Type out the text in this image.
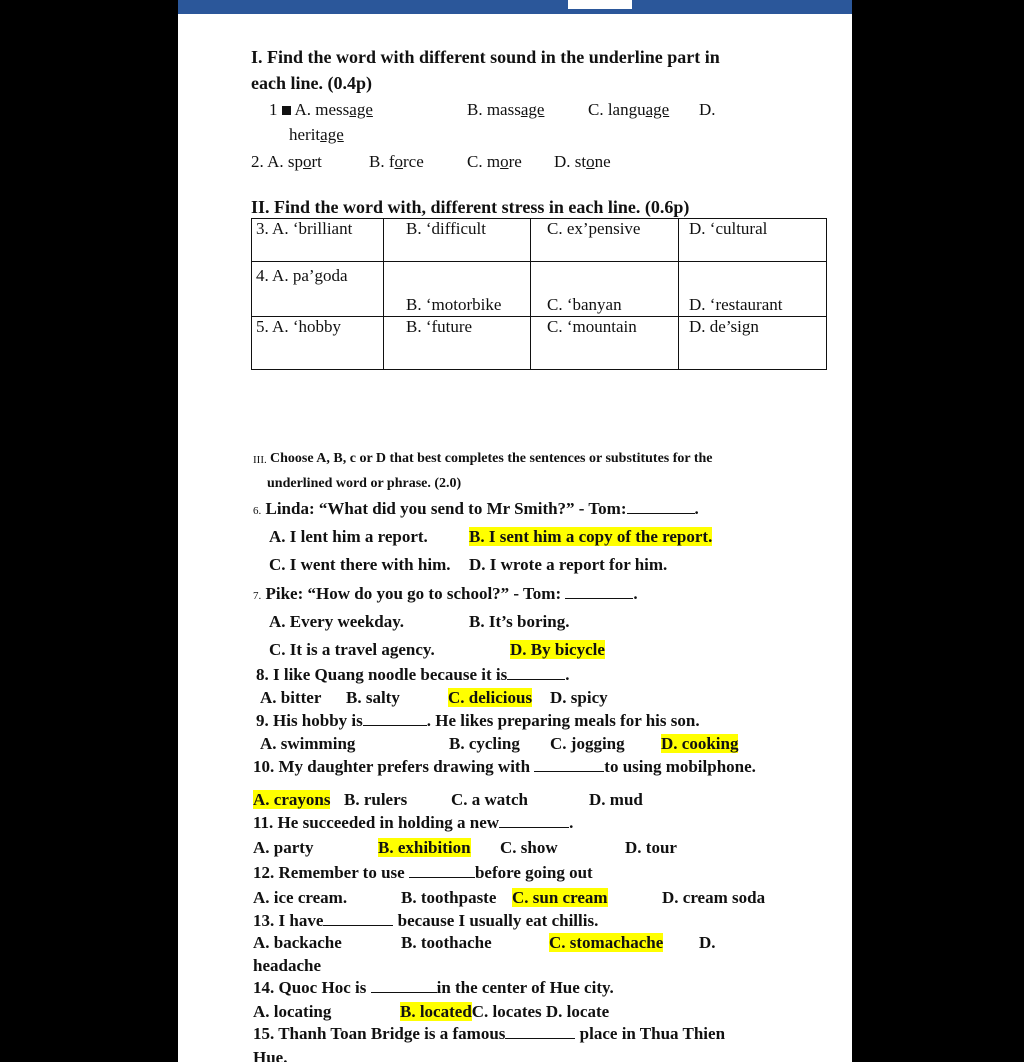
I. Find the word with different sound in the underline part in
each line. (0.4p)
1 A. message	B. massage	C. language D.
heritage
2. A. sport	B. force	C. more D. stone
II. Find the word with, different stress in each line. (0.6p)
3. A. ‘brilliant	B. ‘difficult	C. ex’pensive	D. ‘cultural
4. A. pa’goda	B. ‘motorbike	C. ‘banyan	D. ‘restaurant
5. A. ‘hobby	B. ‘future	C. ‘mountain	D. de’sign
III. Choose A, B, c or D that best completes the sentences or substitutes for the
underlined word or phrase. (2.0)
6. Linda: “What did you send to Mr Smith?” - Tom:	.
A. I lent him a report. B. I sent him a copy of the report.
C. I went there with him. D. I wrote a report for him.
7. Pike: “How do you go to school?” - Tom:	.
A. Every weekday.	B. It’s boring.
C. It is a travel agency.	D. By bicycle
8. I like Quang noodle because it is	.
A. bitter B. salty	C. delicious D. spicy
9. His hobby is	. He likes preparing meals for his son.
A. swimming	B. cycling C. jogging D. cooking
10. My daughter prefers drawing with	to using mobilphone.
A. crayons B. rulers	C. a watch	D. mud
11. He succeeded in holding a new	.
A. party	B. exhibition C. show	D. tour
12. Remember to use	before going out
A. ice cream.	B. toothpaste C. sun cream	D. cream soda
13. I have	because I usually eat chillis.
A. backache	B. toothache	C. stomachache D.
headache
14. Quoc Hoc is	in the center of Hue city.
A. locating	B. locatedC. locates D. locate
15. Thanh Toan Bridge is a famous	place in Thua Thien
Hue.
